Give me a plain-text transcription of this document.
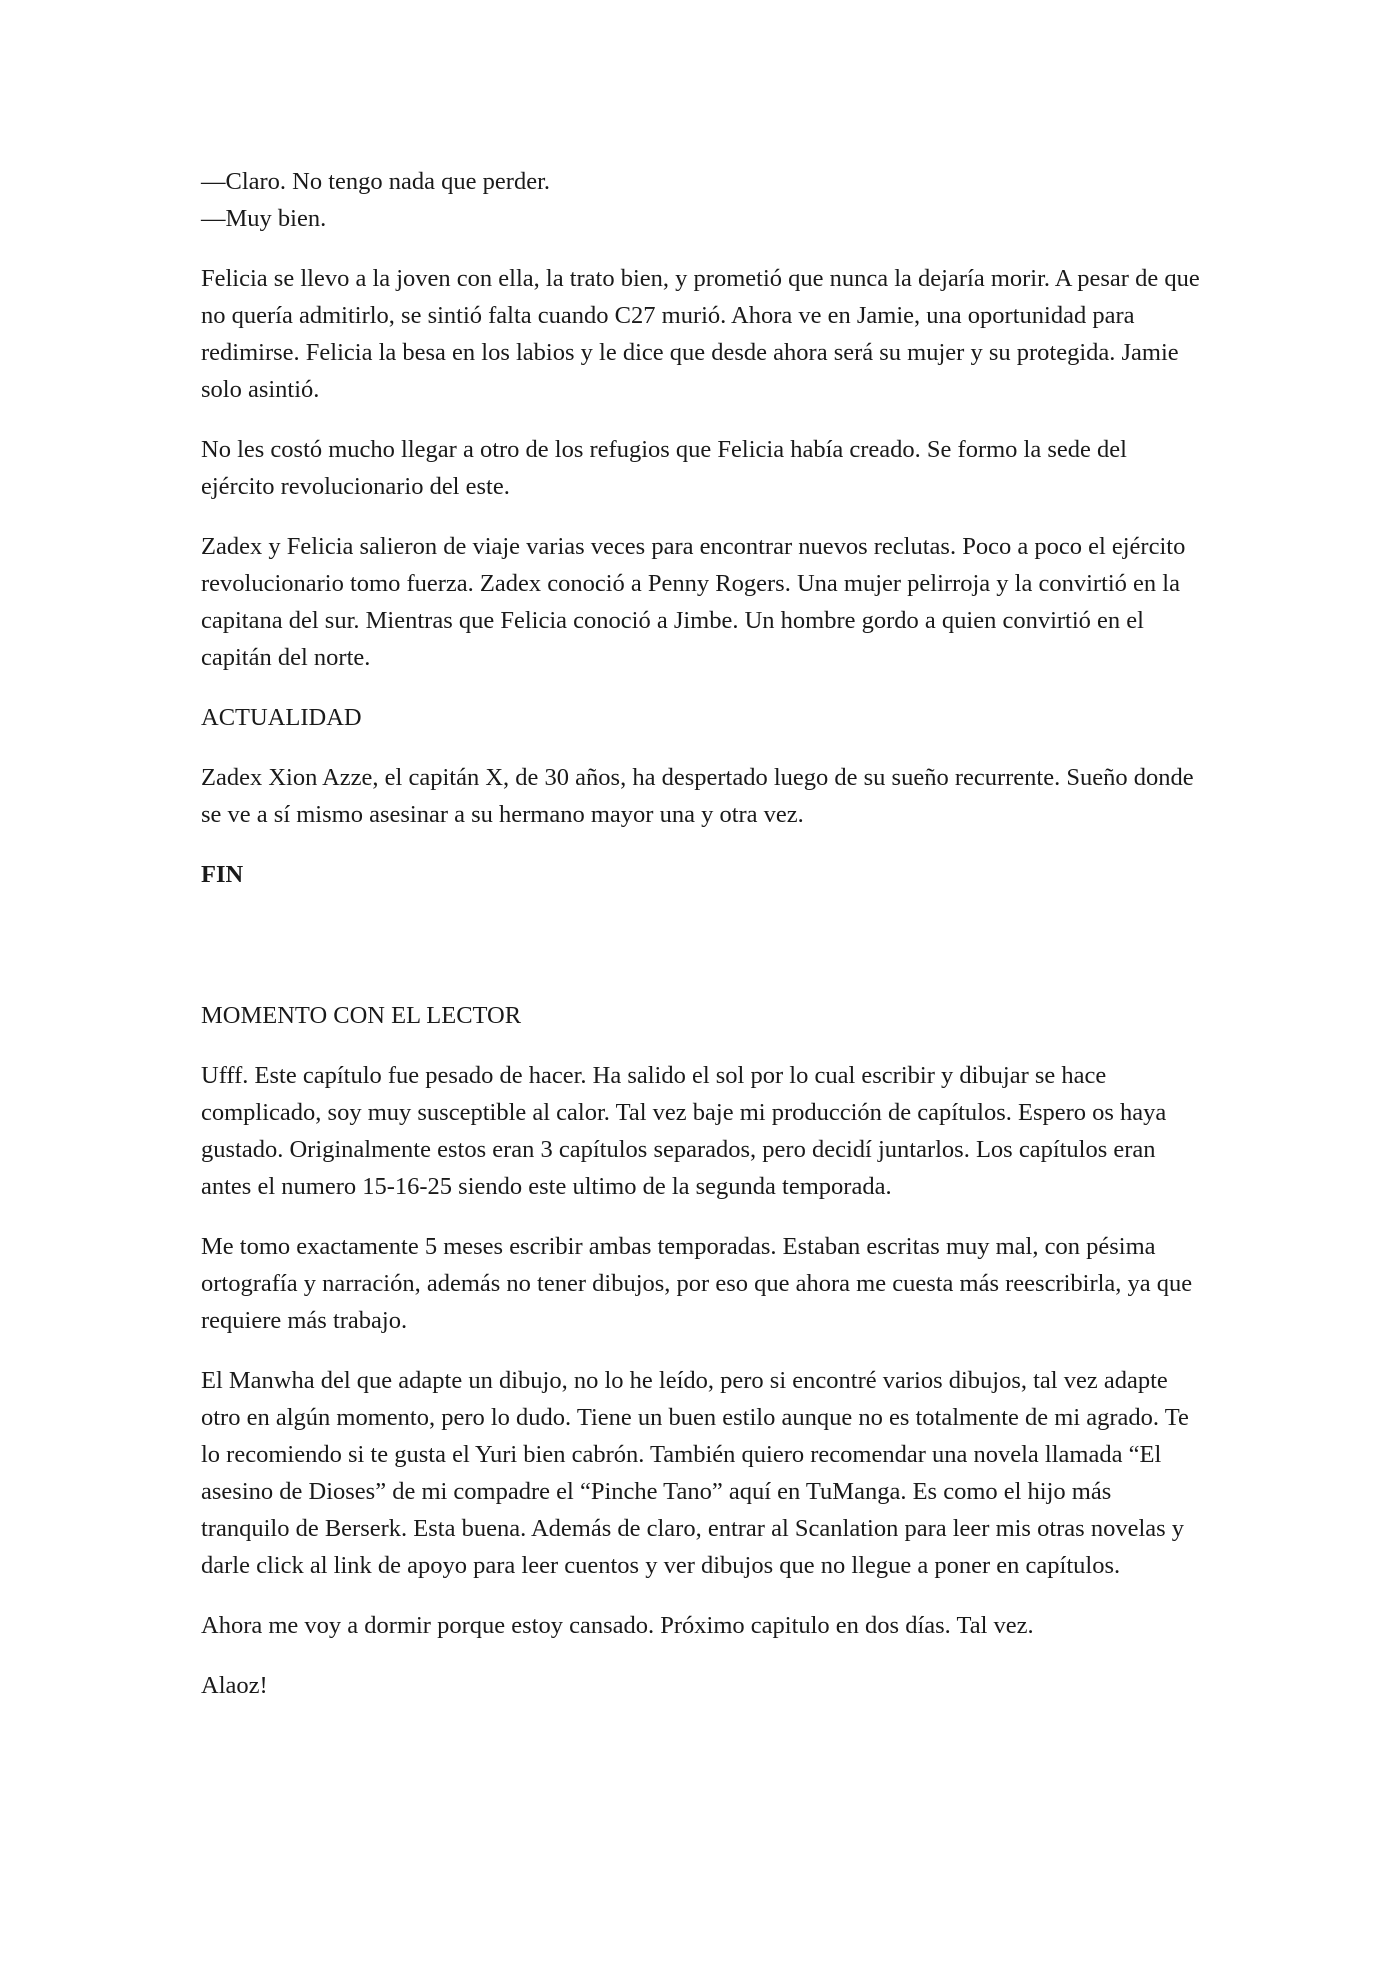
—Claro. No tengo nada que perder.
—Muy bien.

Felicia se llevo a la joven con ella, la trato bien, y prometió que nunca la dejaría morir. A pesar de que no quería admitirlo, se sintió falta cuando C27 murió. Ahora ve en Jamie, una oportunidad para redimirse. Felicia la besa en los labios y le dice que desde ahora será su mujer y su protegida. Jamie solo asintió.

No les costó mucho llegar a otro de los refugios que Felicia había creado. Se formo la sede del ejército revolucionario del este.

Zadex y Felicia salieron de viaje varias veces para encontrar nuevos reclutas. Poco a poco el ejército revolucionario tomo fuerza. Zadex conoció a Penny Rogers. Una mujer pelirroja y la convirtió en la capitana del sur. Mientras que Felicia conoció a Jimbe. Un hombre gordo a quien convirtió en el capitán del norte.

ACTUALIDAD

Zadex Xion Azze, el capitán X, de 30 años, ha despertado luego de su sueño recurrente. Sueño donde se ve a sí mismo asesinar a su hermano mayor una y otra vez.

FIN

MOMENTO CON EL LECTOR

Ufff. Este capítulo fue pesado de hacer. Ha salido el sol por lo cual escribir y dibujar se hace complicado, soy muy susceptible al calor. Tal vez baje mi producción de capítulos. Espero os haya gustado. Originalmente estos eran 3 capítulos separados, pero decidí juntarlos. Los capítulos eran antes el numero 15-16-25 siendo este ultimo de la segunda temporada.

Me tomo exactamente 5 meses escribir ambas temporadas. Estaban escritas muy mal, con pésima ortografía y narración, además no tener dibujos, por eso que ahora me cuesta más reescribirla, ya que requiere más trabajo.

El Manwha del que adapte un dibujo, no lo he leído, pero si encontré varios dibujos, tal vez adapte otro en algún momento, pero lo dudo. Tiene un buen estilo aunque no es totalmente de mi agrado. Te lo recomiendo si te gusta el Yuri bien cabrón. También quiero recomendar una novela llamada “El asesino de Dioses” de mi compadre el “Pinche Tano” aquí en TuManga. Es como el hijo más tranquilo de Berserk. Esta buena. Además de claro, entrar al Scanlation para leer mis otras novelas y darle click al link de apoyo para leer cuentos y ver dibujos que no llegue a poner en capítulos.

Ahora me voy a dormir porque estoy cansado. Próximo capitulo en dos días. Tal vez.

Alaoz!
